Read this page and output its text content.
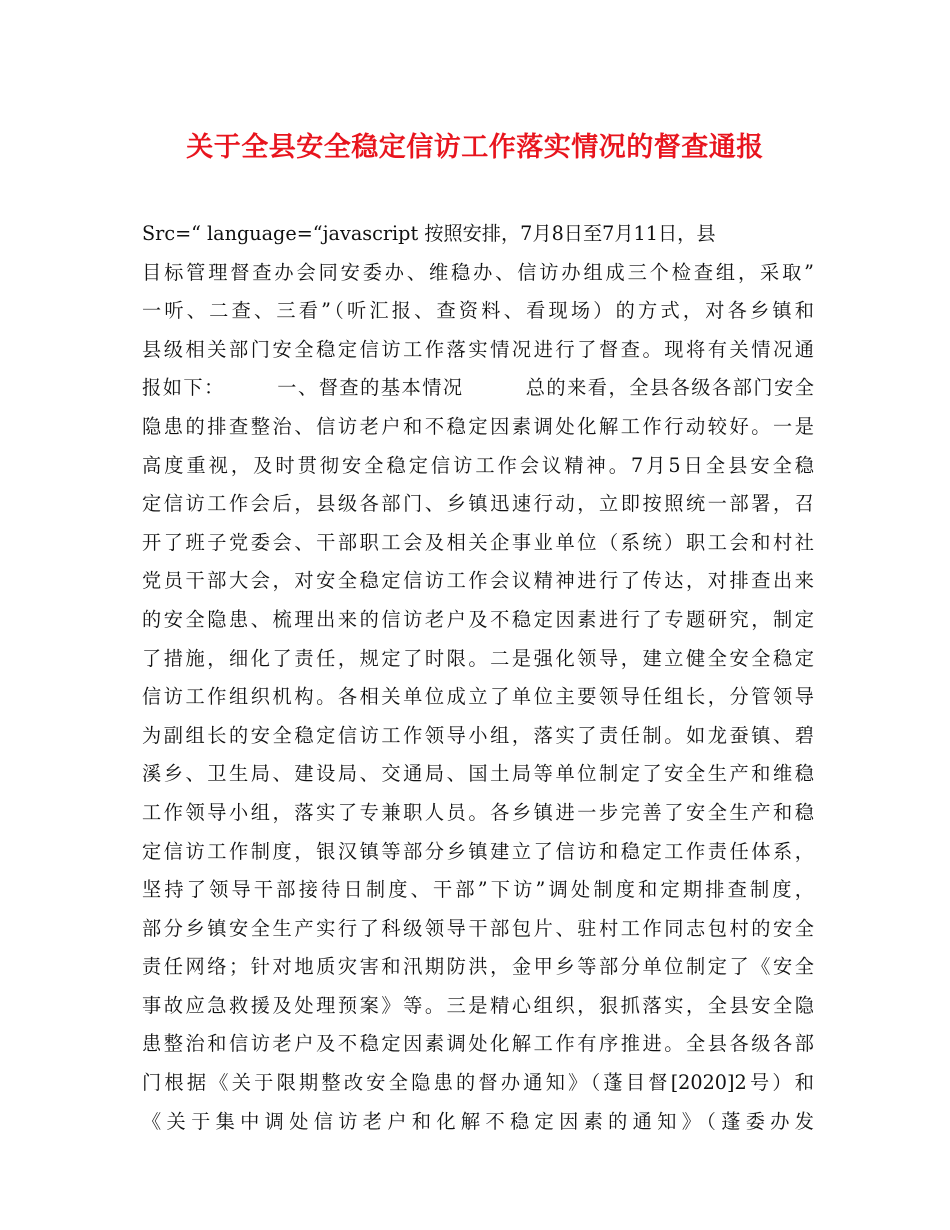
关于全县安全稳定信访工作落实情况的督查通报
Src=“ language=“javascript 按照安排，7月8日至7月11日，县
目标管理督查办会同安委办、维稳办、信访办组成三个检查组，采取”
一听、二查、三看”（听汇报、查资料、看现场）的方式，对各乡镇和
县级相关部门安全稳定信访工作落实情况进行了督查。现将有关情况通
报如下：　　　一、督查的基本情况　　　总的来看，全县各级各部门安全
隐患的排查整治、信访老户和不稳定因素调处化解工作行动较好。一是
高度重视，及时贯彻安全稳定信访工作会议精神。7月5日全县安全稳
定信访工作会后，县级各部门、乡镇迅速行动，立即按照统一部署，召
开了班子党委会、干部职工会及相关企事业单位（系统）职工会和村社
党员干部大会，对安全稳定信访工作会议精神进行了传达，对排查出来
的安全隐患、梳理出来的信访老户及不稳定因素进行了专题研究，制定
了措施，细化了责任，规定了时限。二是强化领导，建立健全安全稳定
信访工作组织机构。各相关单位成立了单位主要领导任组长，分管领导
为副组长的安全稳定信访工作领导小组，落实了责任制。如龙蚕镇、碧
溪乡、卫生局、建设局、交通局、国土局等单位制定了安全生产和维稳
工作领导小组，落实了专兼职人员。各乡镇进一步完善了安全生产和稳
定信访工作制度，银汉镇等部分乡镇建立了信访和稳定工作责任体系，
坚持了领导干部接待日制度、干部”下访”调处制度和定期排查制度，
部分乡镇安全生产实行了科级领导干部包片、驻村工作同志包村的安全
责任网络；针对地质灾害和汛期防洪，金甲乡等部分单位制定了《安全
事故应急救援及处理预案》等。三是精心组织，狠抓落实，全县安全隐
患整治和信访老户及不稳定因素调处化解工作有序推进。全县各级各部
门根据《关于限期整改安全隐患的督办通知》（蓬目督[2020]2号）和
《关于集中调处信访老户和化解不稳定因素的通知》（蓬委办发
